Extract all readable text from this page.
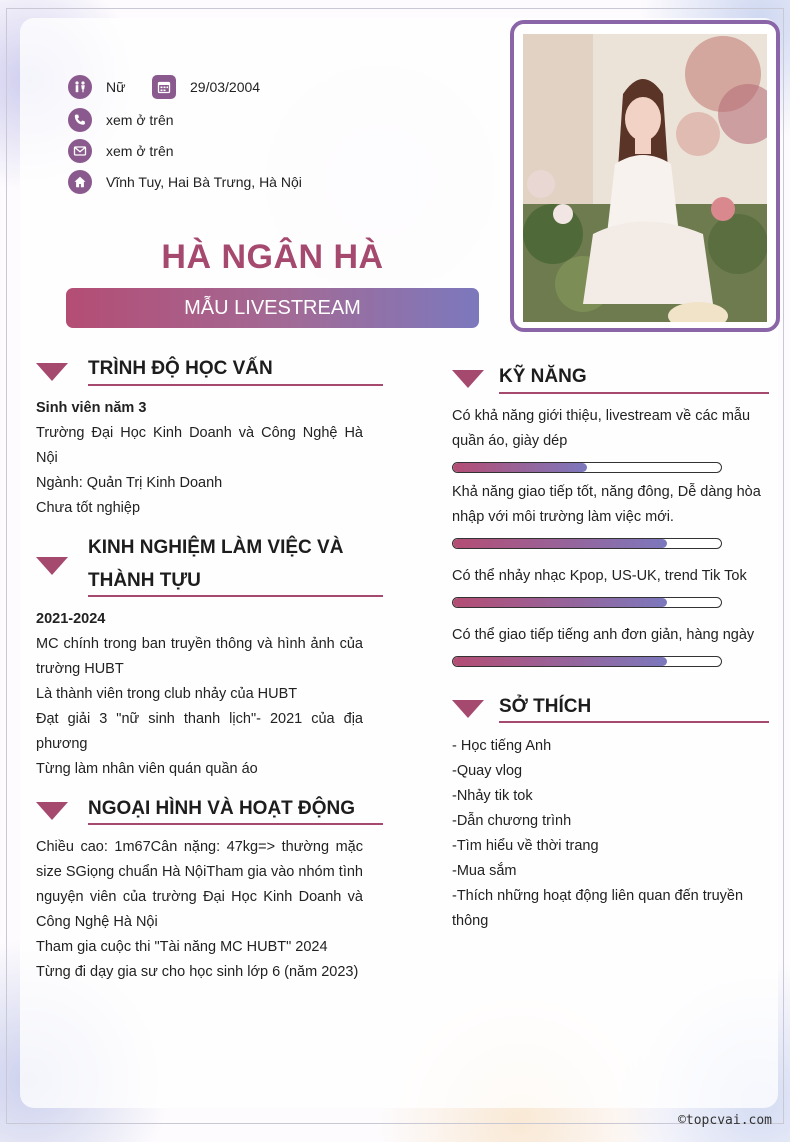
Nữ	29/03/2004
xem ở trên
xem ở trên
Vĩnh Tuy, Hai Bà Trưng, Hà Nội
HÀ NGÂN HÀ
MẪU LIVESTREAM
TRÌNH ĐỘ HỌC VẤN
Sinh viên năm 3
Trường Đại Học Kinh Doanh và Công Nghệ Hà Nội
Ngành: Quản Trị Kinh Doanh
Chưa tốt nghiệp
KINH NGHIỆM LÀM VIỆC VÀ
THÀNH TỰU
2021-2024
MC chính trong ban truyền thông và hình ảnh của trường HUBT
Là thành viên trong club nhảy của HUBT
Đạt giải 3 "nữ sinh thanh lịch"- 2021 của địa phương
Từng làm nhân viên quán quần áo
NGOẠI HÌNH VÀ HOẠT ĐỘNG
Chiều cao: 1m67Cân nặng: 47kg=> thường mặc size SGiọng chuẩn Hà NộiTham gia vào nhóm tình nguyện viên của trường Đại Học Kinh Doanh và Công Nghệ Hà Nội
Tham gia cuộc thi "Tài năng MC HUBT" 2024
Từng đi dạy gia sư cho học sinh lớp 6 (năm 2023)
KỸ NĂNG
Có khả năng giới thiệu, livestream về các mẫu quần áo, giày dép
Khả năng giao tiếp tốt, năng đông, Dễ dàng hòa nhập với môi trường làm việc mới.
Có thể nhảy nhạc Kpop, US-UK, trend Tik Tok
Có thể giao tiếp tiếng anh đơn giản, hàng ngày
SỞ THÍCH
- Học tiếng Anh
-Quay vlog
-Nhảy tik tok
-Dẫn chương trình
-Tìm hiểu về thời trang
-Mua sắm
-Thích những hoạt động liên quan đến truyền thông
©topcvai.com
